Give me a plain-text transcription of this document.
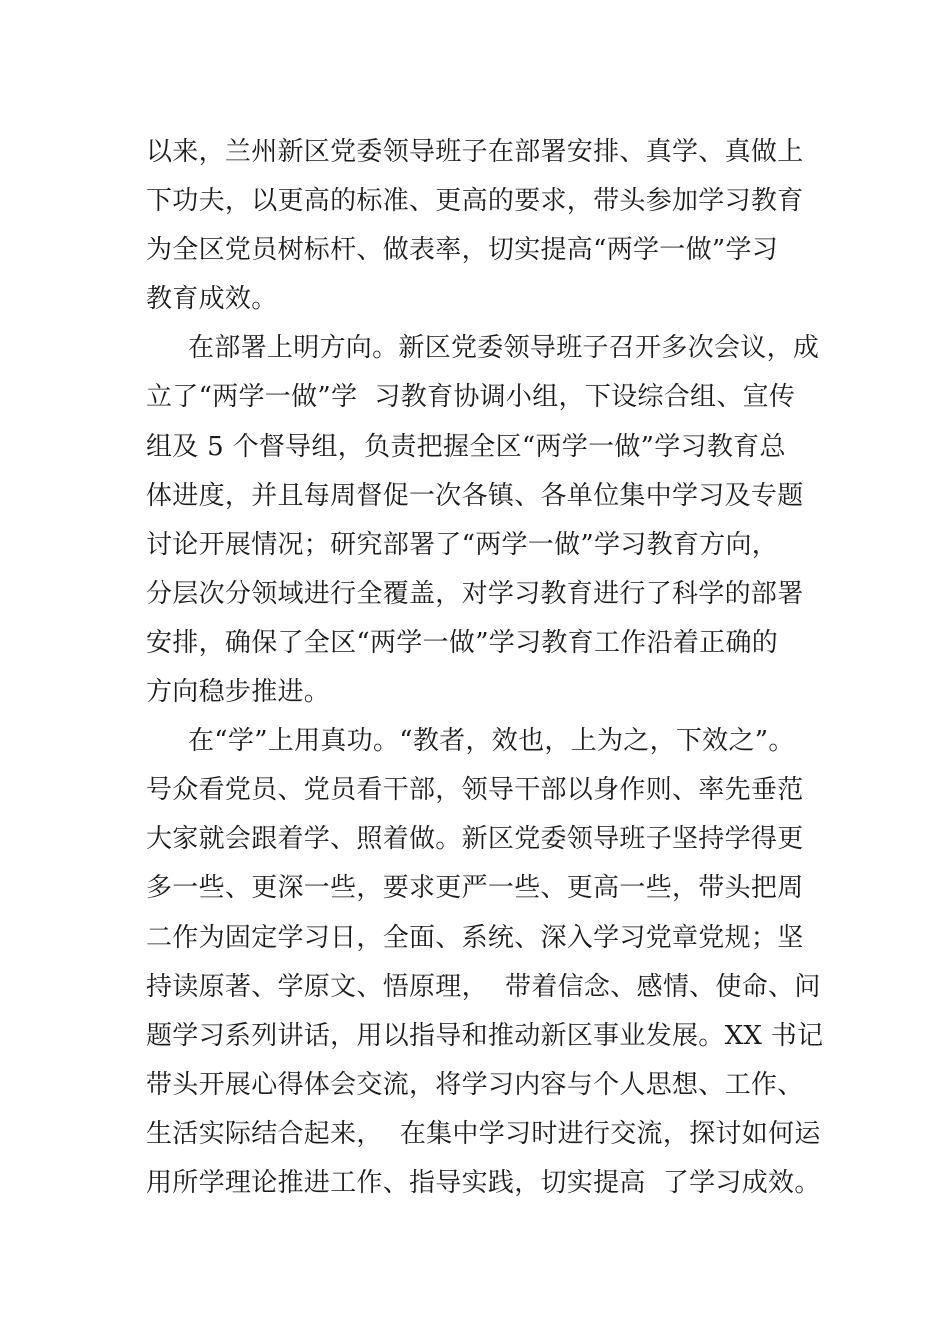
以来，兰州新区党委领导班子在部署安排、真学、真做上
下功夫，以更高的标准、更高的要求，带头参加学习教育
为全区党员树标杆、做表率，切实提高“两学一做”学习
教育成效。
在部署上明方向。新区党委领导班子召开多次会议，成
立了“两学一做”学  习教育协调小组，下设综合组、宣传
组及 5 个督导组，负责把握全区“两学一做”学习教育总
体进度，并且每周督促一次各镇、各单位集中学习及专题
讨论开展情况；研究部署了“两学一做”学习教育方向，
分层次分领域进行全覆盖，对学习教育进行了科学的部署
安排，确保了全区“两学一做”学习教育工作沿着正确的
方向稳步推进。
在“学”上用真功。“教者，效也，上为之，下效之”。
号众看党员、党员看干部，领导干部以身作则、率先垂范
大家就会跟着学、照着做。新区党委领导班子坚持学得更
多一些、更深一些，要求更严一些、更高一些，带头把周
二作为固定学习日，全面、系统、深入学习党章党规；坚
持读原著、学原文、悟原理，  带着信念、感情、使命、问
题学习系列讲话，用以指导和推动新区事业发展。XX 书记
带头开展心得体会交流，将学习内容与个人思想、工作、
生活实际结合起来，  在集中学习时进行交流，探讨如何运
用所学理论推进工作、指导实践，切实提高  了学习成效。
